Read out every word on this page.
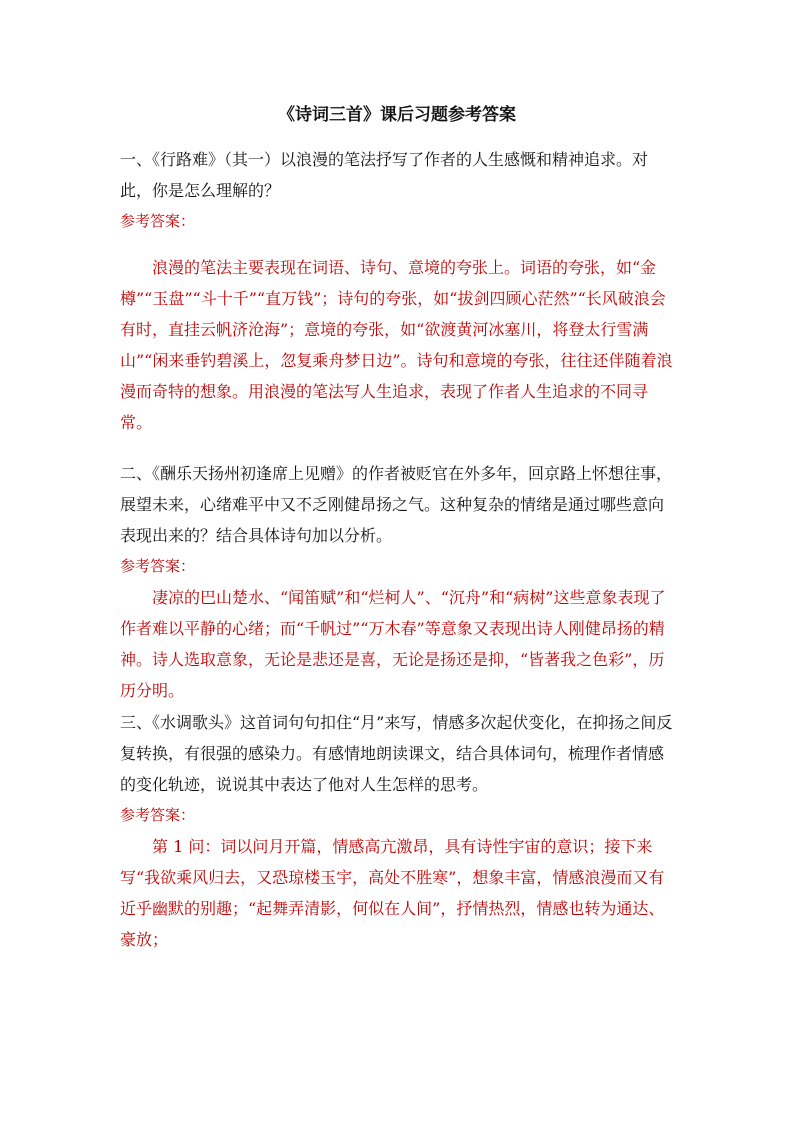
《诗词三首》课后习题参考答案

一、《行路难》（其一）以浪漫的笔法抒写了作者的人生感慨和精神追求。对此，你是怎么理解的？

参考答案：

浪漫的笔法主要表现在词语、诗句、意境的夸张上。词语的夸张，如“金樽”“玉盘”“斗十千”“直万钱”；诗句的夸张，如“拔剑四顾心茫然”“长风破浪会有时，直挂云帆济沧海”；意境的夸张，如“欲渡黄河冰塞川，将登太行雪满山”“闲来垂钓碧溪上，忽复乘舟梦日边”。诗句和意境的夸张，往往还伴随着浪漫而奇特的想象。用浪漫的笔法写人生追求，表现了作者人生追求的不同寻常。

二、《酬乐天扬州初逢席上见赠》的作者被贬官在外多年，回京路上怀想往事，展望未来，心绪难平中又不乏刚健昂扬之气。这种复杂的情绪是通过哪些意向表现出来的？结合具体诗句加以分析。

参考答案：

凄凉的巴山楚水、“闻笛赋”和“烂柯人”、“沉舟”和“病树”这些意象表现了作者难以平静的心绪；而“千帆过”“万木春”等意象又表现出诗人刚健昂扬的精神。诗人选取意象，无论是悲还是喜，无论是扬还是抑，“皆著我之色彩”，历历分明。

三、《水调歌头》这首词句句扣住“月”来写，情感多次起伏变化，在抑扬之间反复转换，有很强的感染力。有感情地朗读课文，结合具体词句，梳理作者情感的变化轨迹，说说其中表达了他对人生怎样的思考。

参考答案：

第 1 问：词以问月开篇，情感高亢激昂，具有诗性宇宙的意识；接下来写“我欲乘风归去，又恐琼楼玉宇，高处不胜寒”，想象丰富，情感浪漫而又有近乎幽默的别趣；“起舞弄清影，何似在人间”，抒情热烈，情感也转为通达、豪放；
